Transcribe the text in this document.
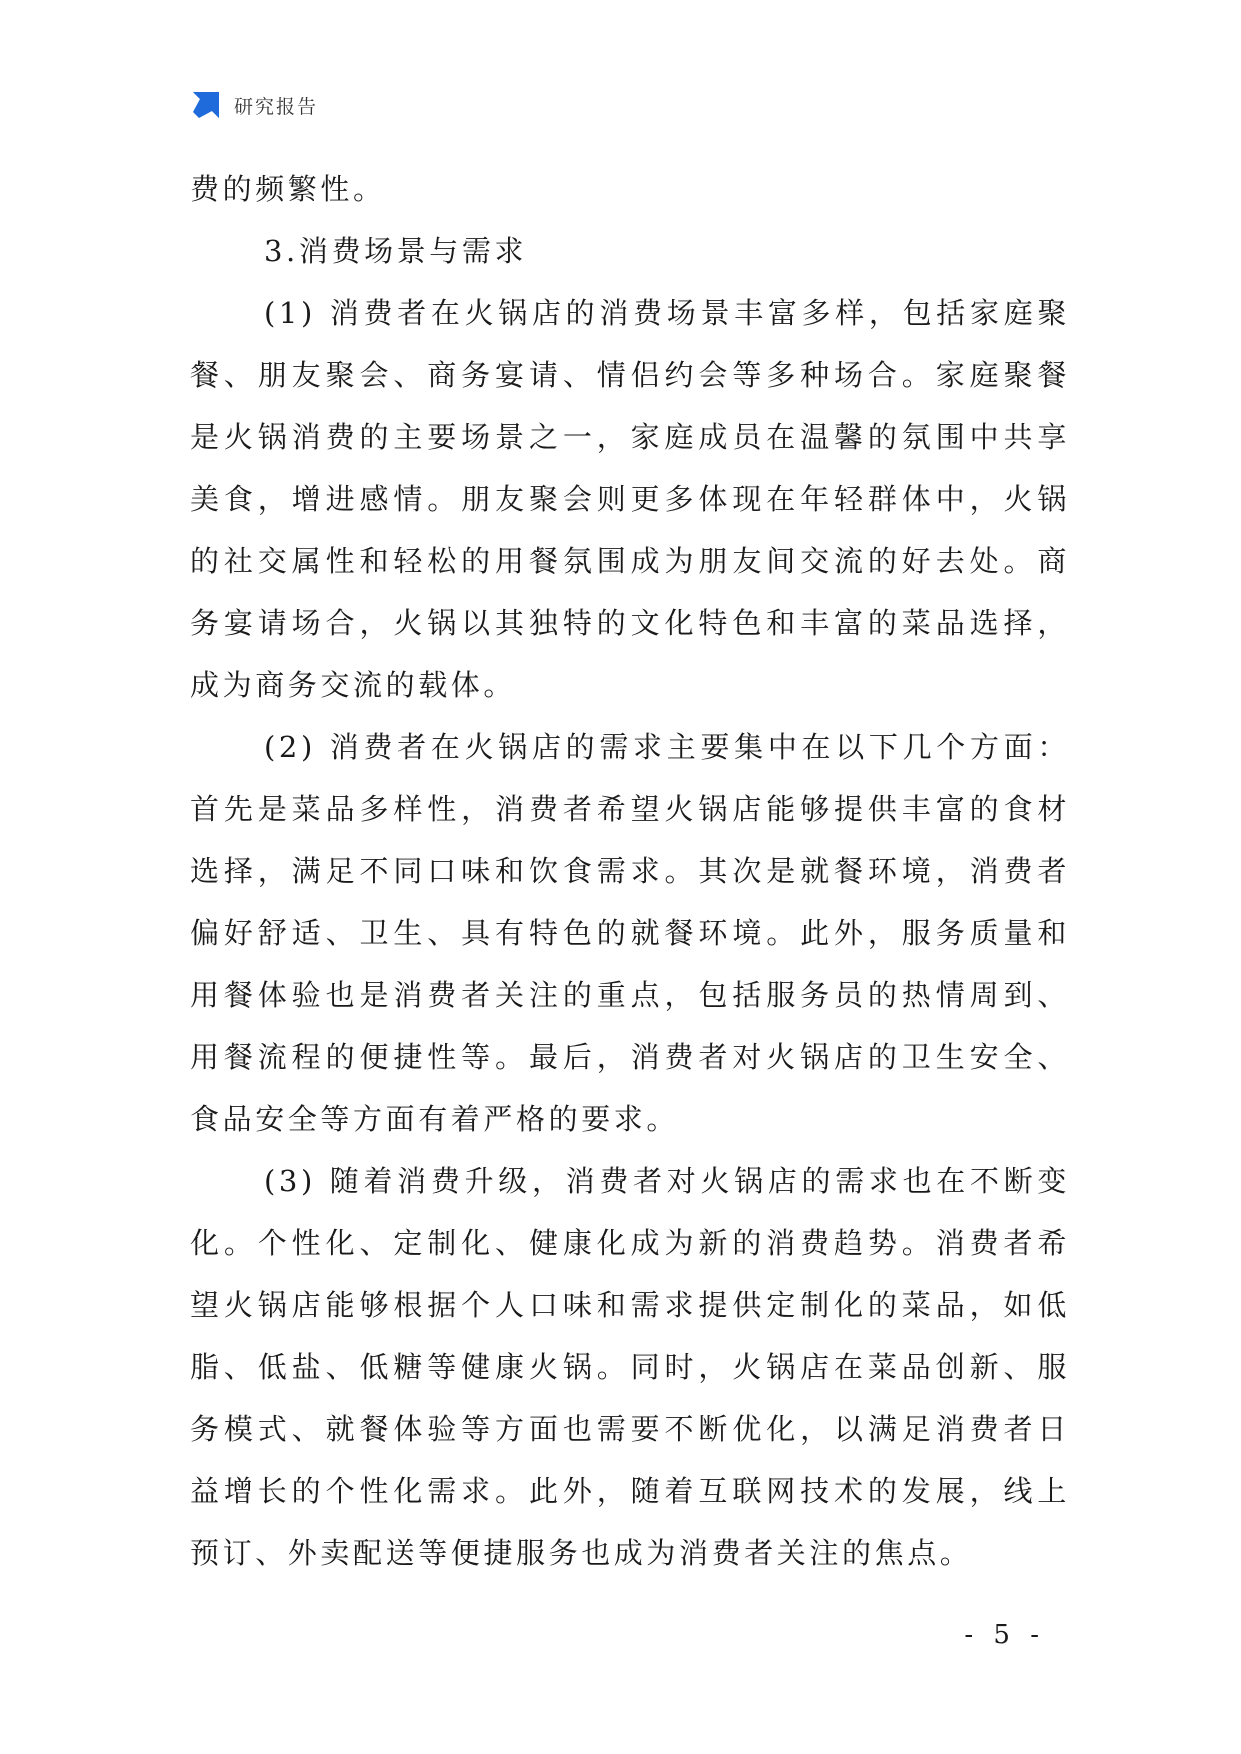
研究报告

费的频繁性。

3.消费场景与需求

(1) 消费者在火锅店的消费场景丰富多样，包括家庭聚餐、朋友聚会、商务宴请、情侣约会等多种场合。家庭聚餐是火锅消费的主要场景之一，家庭成员在温馨的氛围中共享美食，增进感情。朋友聚会则更多体现在年轻群体中，火锅的社交属性和轻松的用餐氛围成为朋友间交流的好去处。商务宴请场合，火锅以其独特的文化特色和丰富的菜品选择，成为商务交流的载体。

(2) 消费者在火锅店的需求主要集中在以下几个方面：首先是菜品多样性，消费者希望火锅店能够提供丰富的食材选择，满足不同口味和饮食需求。其次是就餐环境，消费者偏好舒适、卫生、具有特色的就餐环境。此外，服务质量和用餐体验也是消费者关注的重点，包括服务员的热情周到、用餐流程的便捷性等。最后，消费者对火锅店的卫生安全、食品安全等方面有着严格的要求。

(3) 随着消费升级，消费者对火锅店的需求也在不断变化。个性化、定制化、健康化成为新的消费趋势。消费者希望火锅店能够根据个人口味和需求提供定制化的菜品，如低脂、低盐、低糖等健康火锅。同时，火锅店在菜品创新、服务模式、就餐体验等方面也需要不断优化，以满足消费者日益增长的个性化需求。此外，随着互联网技术的发展，线上预订、外卖配送等便捷服务也成为消费者关注的焦点。

- 5 -
